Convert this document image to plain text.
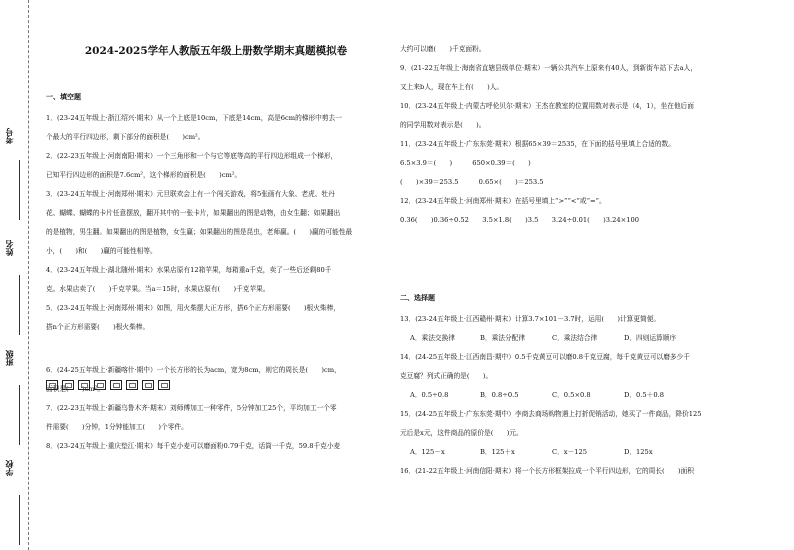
考号
姓名
班级
学校
2024-2025学年人教版五年级上册数学期末真题模拟卷
一、填空题

1．(23-24五年级上·浙江绍兴·期末）从一个上底是10cm，下底是14cm，高是6cm的梯形中剪去一

个最大的平行四边形，剩下部分的面积是(　　)cm²。

2．(22-23五年级上·河南南阳·期末）一个三角形和一个与它等底等高的平行四边形组成一个梯形，

已知平行四边形的面积是7.6cm²，这个梯形的面积是(　　)cm²。

3．(23-24五年级上·河南郑州·期末）元旦联欢会上有一个闯关游戏，将5张画有大象、老虎、牡丹

花、蝴蝶、蝴蝶的卡片任意摆放，翻开其中的一张卡片，如果翻出的图是动物，由女生翻；如果翻出

的是植物，男生翻。如果翻出的图是植物，女生赢；如果翻出的图是昆虫，老师赢。(　　)赢的可能性最

小，(　　)和(　　)赢的可能性相等。

4．(23-24五年级上·湖北随州·期末）水果店原有12箱苹果，每箱重a千克，卖了一些后还剩80千

克。水果店卖了(　　)千克苹果。当a＝15时，水果店原有(　　)千克苹果。

5．(23-24五年级上·河南郑州·期末）如图，用火柴摆大正方形，搭6个正方形需要(　　)根火柴棒，

搭n个正方形需要(　　)根火柴棒。

6．(24-25五年级上·新疆喀什·期中）一个长方形的长为acm，宽为8cm，则它的周长是(　　)cm，

面积是(　　)cm²。

7．(22-23五年级上·新疆乌鲁木齐·期末）刘师傅加工一种零件，5分钟加工25个，平均加工一个零

件需要(　　)分钟，1分钟能加工(　　)个零件。

8．(23-24五年级上·重庆垫江·期末）每千克小麦可以磨面粉0.79千克，话筒一千克，59.8千克小麦

大约可以磨(　　)千克面粉。

9．(21-22五年级上·海南省直辖县级单位·期末）一辆公共汽车上原来有40人，到新街车站下去a人，

又上来b人，现在车上有(　　)人。

10．(23-24五年级上·内蒙古呼伦贝尔·期末）王杰在教室的位置用数对表示是（4，1），坐在他后面

的同学用数对表示是(　　)。

11．(23-24五年级上·广东东莞·期末）根据65×39＝2535，在下面的括号里填上合适的数。

6.5×3.9＝(　　)　　　650×0.39＝(　　)

(　　)×39＝253.5　　　0.65×(　　)＝253.5

12．(23-24五年级上·河南郑州·期末）在括号里填上“>”“<”或“=”。

0.36(　　)0.36÷0.52　　3.5×1.8(　　)3.5　　3.24÷0.01(　　)3.24×100

二、选择题

13．(23-24五年级上·江西赣州·期末）计算3.7×101－3.7时，运用(　　)计算更简便。

A．乘法交换律	B．乘法分配律	C．乘法结合律	D．四则运算顺序

14．(24-25五年级上·江西南昌·期中）0.5千克黄豆可以磨0.8千克豆腐，每千克黄豆可以磨多少千

克豆腐？列式正确的是(　　)。

A．0.5÷0.8	B．0.8÷0.5	C．0.5×0.8	D．0.5＋0.8

15．(24-25五年级上·广东东莞·期中）李商去商场购物遇上打折促销活动，她买了一件商品，降价125

元后是x元，这件商品的原价是(　　)元。

A．125－x	B．125＋x	C．x－125	D．125x

16．(21-22五年级上·河南信阳·期末）将一个长方形框架拉成一个平行四边形，它的周长(　　)面积
